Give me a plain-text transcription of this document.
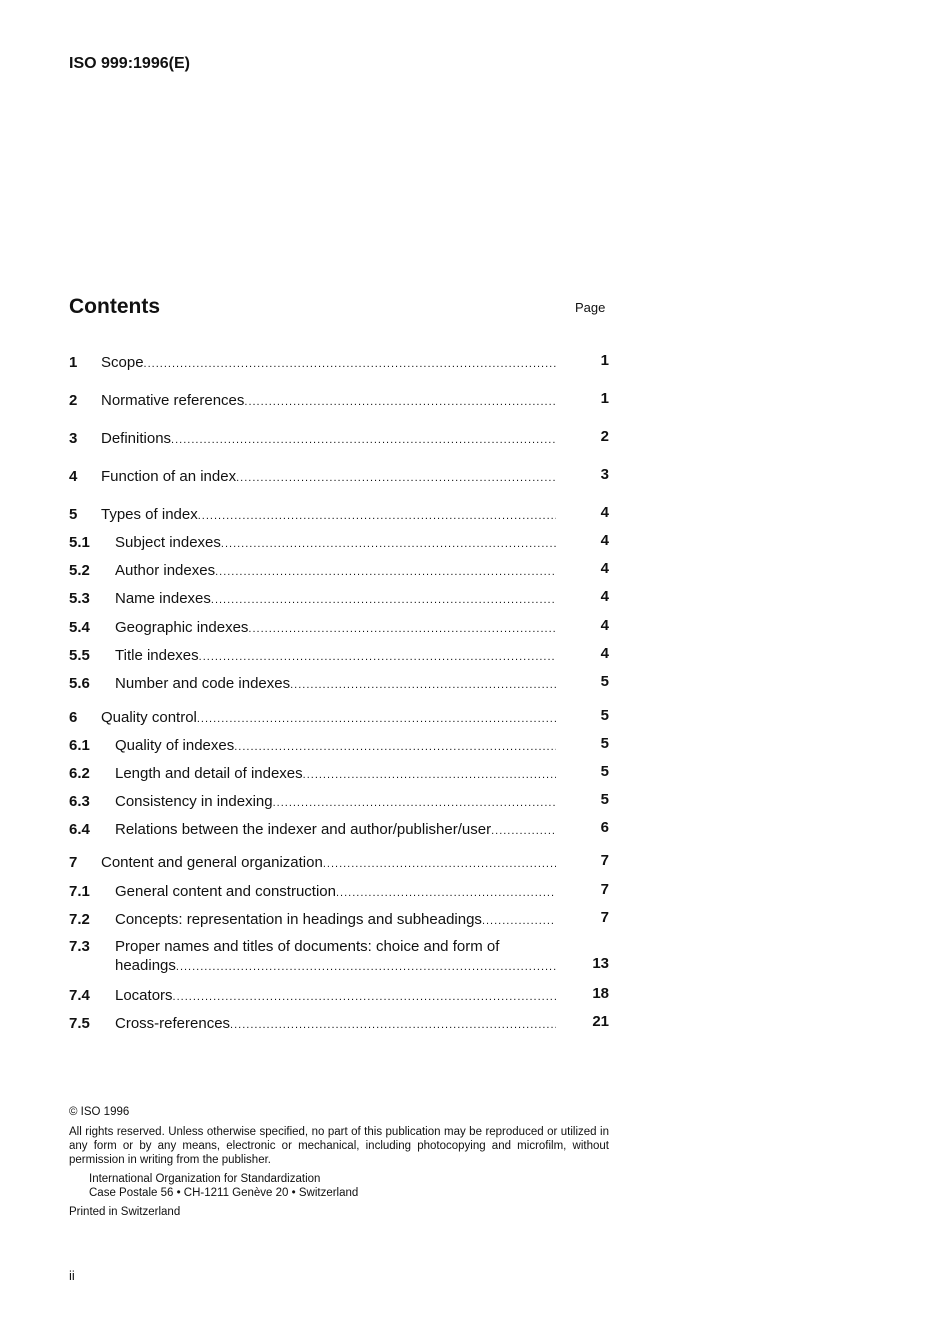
ISO 999:1996(E)
Contents	Page
1 Scope .....	1
2 Normative references .....	1
3 Definitions .....	2
4 Function of an index .....	3
5 Types of index .....	4
5.1 Subject indexes .....	4
5.2 Author indexes .....	4
5.3 Name indexes .....	4
5.4 Geographic indexes .....	4
5.5 Title indexes .....	4
5.6 Number and code indexes .....	5
6 Quality control .....	5
6.1 Quality of indexes .....	5
6.2 Length and detail of indexes .....	5
6.3 Consistency in indexing .....	5
6.4 Relations between the indexer and author/publisher/user .....	6
7 Content and general organization .....	7
7.1 General content and construction .....	7
7.2 Concepts: representation in headings and subheadings .....	7
7.3 Proper names and titles of documents: choice and form of
headings .....	13
7.4 Locators .....	18
7.5 Cross-references .....	21

© ISO 1996

All rights reserved. Unless otherwise specified, no part of this publication may be reproduced or utilized in any form or by any means, electronic or mechanical, including photocopying and microfilm, without permission in writing from the publisher.

International Organization for Standardization

Case Postale 56 • CH-1211 Genève 20 • Switzerland

Printed in Switzerland

ii
